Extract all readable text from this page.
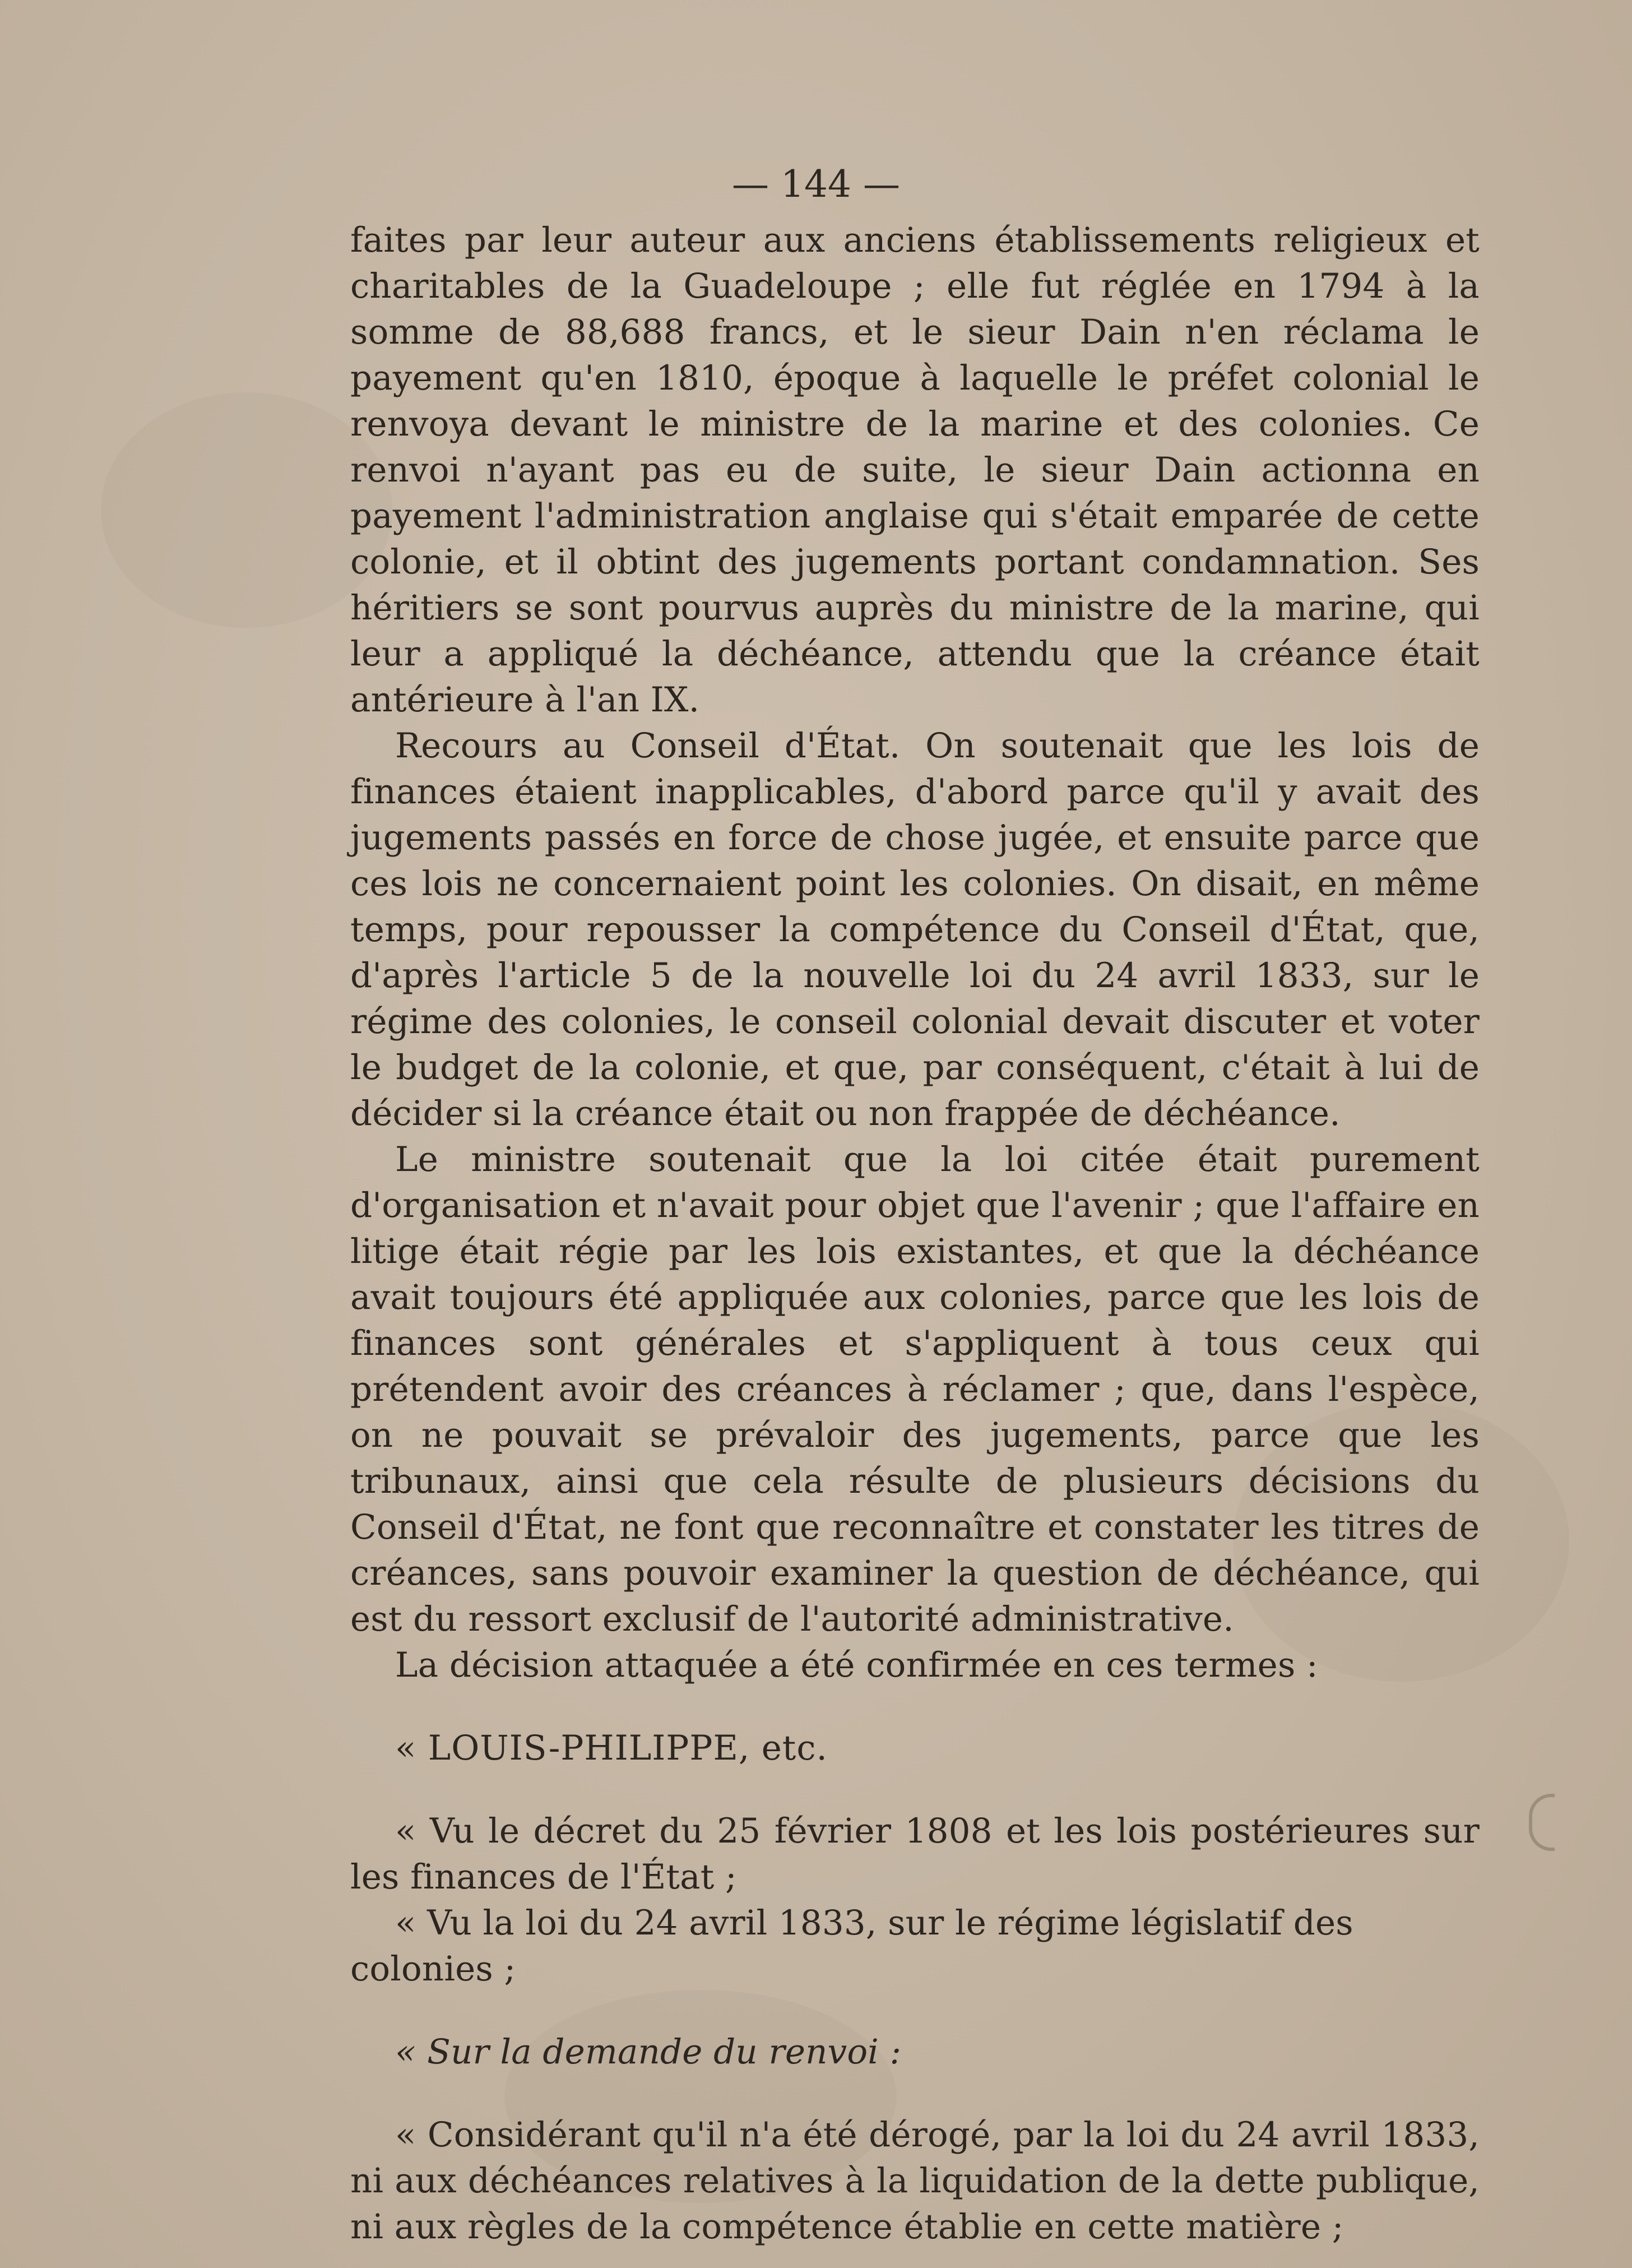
— 144 —

faites par leur auteur aux anciens établissements religieux et charitables de la Guadeloupe ; elle fut réglée en 1794 à la somme de 88,688 francs, et le sieur Dain n'en réclama le payement qu'en 1810, époque à laquelle le préfet colonial le renvoya devant le ministre de la marine et des colonies. Ce renvoi n'ayant pas eu de suite, le sieur Dain actionna en payement l'administration anglaise qui s'était emparée de cette colonie, et il obtint des jugements portant condamnation. Ses héritiers se sont pourvus auprès du ministre de la marine, qui leur a appliqué la déchéance, attendu que la créance était antérieure à l'an IX.

Recours au Conseil d'État. On soutenait que les lois de finances étaient inapplicables, d'abord parce qu'il y avait des jugements passés en force de chose jugée, et ensuite parce que ces lois ne concernaient point les colonies. On disait, en même temps, pour repousser la compétence du Conseil d'État, que, d'après l'article 5 de la nouvelle loi du 24 avril 1833, sur le régime des colonies, le conseil colonial devait discuter et voter le budget de la colonie, et que, par conséquent, c'était à lui de décider si la créance était ou non frappée de déchéance.

Le ministre soutenait que la loi citée était purement d'organisation et n'avait pour objet que l'avenir ; que l'affaire en litige était régie par les lois existantes, et que la déchéance avait toujours été appliquée aux colonies, parce que les lois de finances sont générales et s'appliquent à tous ceux qui prétendent avoir des créances à réclamer ; que, dans l'espèce, on ne pouvait se prévaloir des jugements, parce que les tribunaux, ainsi que cela résulte de plusieurs décisions du Conseil d'État, ne font que reconnaître et constater les titres de créances, sans pouvoir examiner la question de déchéance, qui est du ressort exclusif de l'autorité administrative.

La décision attaquée a été confirmée en ces termes :

« LOUIS-PHILIPPE, etc.

« Vu le décret du 25 février 1808 et les lois postérieures sur les finances de l'État ;

« Vu la loi du 24 avril 1833, sur le régime législatif des colonies ;

« Sur la demande du renvoi :

« Considérant qu'il n'a été dérogé, par la loi du 24 avril 1833, ni aux déchéances relatives à la liquidation de la dette publique, ni aux règles de la compétence établie en cette matière ;
